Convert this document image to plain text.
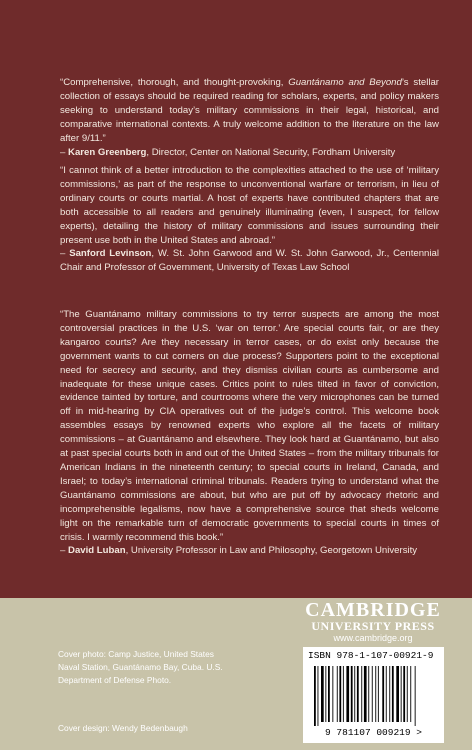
“Comprehensive, thorough, and thought-provoking, Guantánamo and Beyond’s stellar collection of essays should be required reading for scholars, experts, and policy makers seeking to understand today’s military commissions in their legal, historical, and comparative international contexts. A truly welcome addition to the literature on the law after 9/11.”

– Karen Greenberg, Director, Center on National Security, Fordham University

“I cannot think of a better introduction to the complexities attached to the use of ‘military commissions,’ as part of the response to unconventional warfare or terrorism, in lieu of ordinary courts or courts martial. A host of experts have contributed chapters that are both accessible to all readers and genuinely illuminating (even, I suspect, for fellow experts), detailing the history of military commissions and issues surrounding their present use both in the United States and abroad.”

– Sanford Levinson, W. St. John Garwood and W. St. John Garwood, Jr., Centennial Chair and Professor of Government, University of Texas Law School

“The Guantánamo military commissions to try terror suspects are among the most controversial practices in the U.S. ‘war on terror.’ Are special courts fair, or are they kangaroo courts? Are they necessary in terror cases, or do exist only because the government wants to cut corners on due process? Supporters point to the exceptional need for secrecy and security, and they dismiss civilian courts as cumbersome and inadequate for these unique cases. Critics point to rules tilted in favor of conviction, evidence tainted by torture, and courtrooms where the very microphones can be turned off in mid-hearing by CIA operatives out of the judge’s control. This welcome book assembles essays by renowned experts who explore all the facets of military commissions – at Guantánamo and elsewhere. They look hard at Guantánamo, but also at past special courts both in and out of the United States – from the military tribunals for American Indians in the nineteenth century; to special courts in Ireland, Canada, and Israel; to today’s international criminal tribunals. Readers trying to understand what the Guantánamo commissions are about, but who are put off by advocacy rhetoric and incomprehensible legalisms, now have a comprehensive source that sheds welcome light on the remarkable turn of democratic governments to special courts in times of crisis. I warmly recommend this book.”

– David Luban, University Professor in Law and Philosophy, Georgetown University

Cover photo: Camp Justice, United States Naval Station, Guantánamo Bay, Cuba. U.S. Department of Defense Photo.
Cover design: Wendy Bedenbaugh
CAMBRIDGE
UNIVERSITY PRESS
www.cambridge.org
ISBN 978-1-107-00921-9
9 781107 009219 >
